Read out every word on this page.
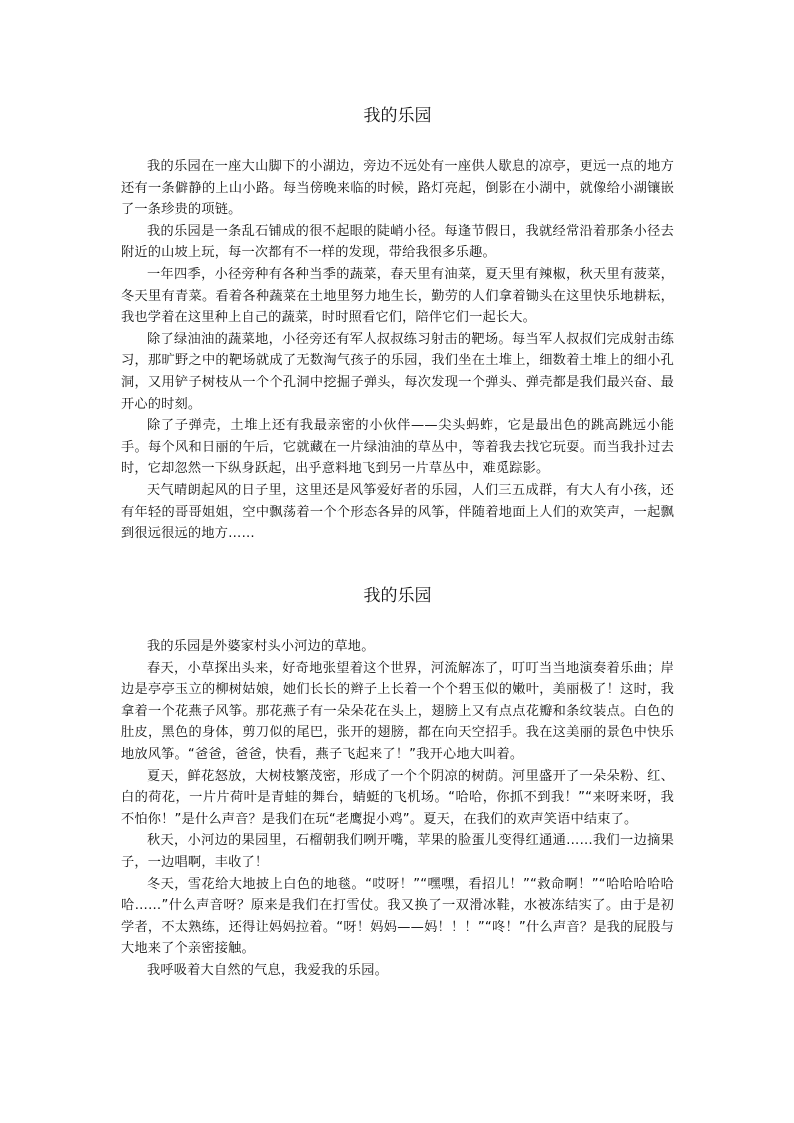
我的乐园

我的乐园在一座大山脚下的小湖边，旁边不远处有一座供人歇息的凉亭，更远一点的地方还有一条僻静的上山小路。每当傍晚来临的时候，路灯亮起，倒影在小湖中，就像给小湖镶嵌了一条珍贵的项链。

我的乐园是一条乱石铺成的很不起眼的陡峭小径。每逢节假日，我就经常沿着那条小径去附近的山坡上玩，每一次都有不一样的发现，带给我很多乐趣。

一年四季，小径旁种有各种当季的蔬菜，春天里有油菜，夏天里有辣椒，秋天里有菠菜，冬天里有青菜。看着各种蔬菜在土地里努力地生长，勤劳的人们拿着锄头在这里快乐地耕耘，我也学着在这里种上自己的蔬菜，时时照看它们，陪伴它们一起长大。

除了绿油油的蔬菜地，小径旁还有军人叔叔练习射击的靶场。每当军人叔叔们完成射击练习，那旷野之中的靶场就成了无数淘气孩子的乐园，我们坐在土堆上，细数着土堆上的细小孔洞，又用铲子树枝从一个个孔洞中挖掘子弹头，每次发现一个弹头、弹壳都是我们最兴奋、最开心的时刻。

除了子弹壳，土堆上还有我最亲密的小伙伴——尖头蚂蚱，它是最出色的跳高跳远小能手。每个风和日丽的午后，它就藏在一片绿油油的草丛中，等着我去找它玩耍。而当我扑过去时，它却忽然一下纵身跃起，出乎意料地飞到另一片草丛中，难觅踪影。

天气晴朗起风的日子里，这里还是风筝爱好者的乐园，人们三五成群，有大人有小孩，还有年轻的哥哥姐姐，空中飘荡着一个个形态各异的风筝，伴随着地面上人们的欢笑声，一起飘到很远很远的地方……

我的乐园

我的乐园是外婆家村头小河边的草地。

春天，小草探出头来，好奇地张望着这个世界，河流解冻了，叮叮当当地演奏着乐曲；岸边是亭亭玉立的柳树姑娘，她们长长的辫子上长着一个个碧玉似的嫩叶，美丽极了！这时，我拿着一个花燕子风筝。那花燕子有一朵朵花在头上，翅膀上又有点点花瓣和条纹装点。白色的肚皮，黑色的身体，剪刀似的尾巴，张开的翅膀，都在向天空招手。我在这美丽的景色中快乐地放风筝。“爸爸，爸爸，快看，燕子飞起来了！”我开心地大叫着。

夏天，鲜花怒放，大树枝繁茂密，形成了一个个阴凉的树荫。河里盛开了一朵朵粉、红、白的荷花，一片片荷叶是青蛙的舞台，蜻蜓的飞机场。“哈哈，你抓不到我！”“来呀来呀，我不怕你！”是什么声音？是我们在玩“老鹰捉小鸡”。夏天，在我们的欢声笑语中结束了。

秋天，小河边的果园里，石榴朝我们咧开嘴，苹果的脸蛋儿变得红通通……我们一边摘果子，一边唱啊，丰收了！

冬天，雪花给大地披上白色的地毯。“哎呀！”“嘿嘿，看招儿！”“救命啊！”“哈哈哈哈哈哈……”什么声音呀？原来是我们在打雪仗。我又换了一双滑冰鞋，水被冻结实了。由于是初学者，不太熟练，还得让妈妈拉着。“呀！妈妈——妈！！！”“咚！”什么声音？是我的屁股与大地来了个亲密接触。

我呼吸着大自然的气息，我爱我的乐园。
